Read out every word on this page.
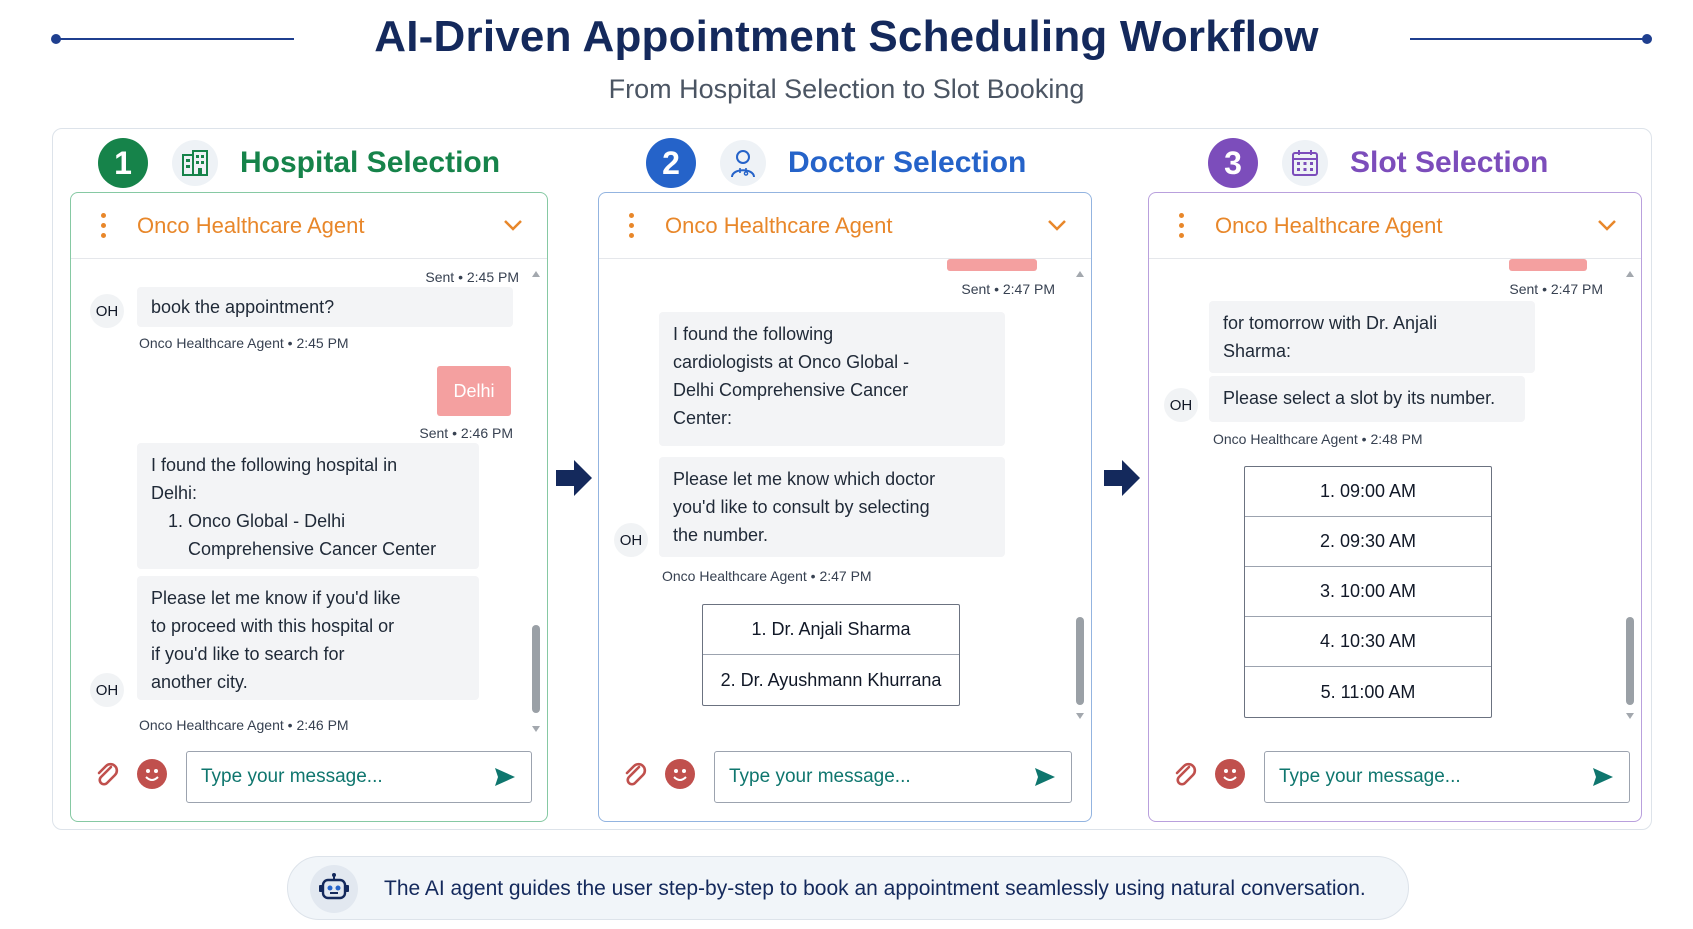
AI-Driven Appointment Scheduling Workflow
From Hospital Selection to Slot Booking
1	Hospital Selection	2	Doctor Selection	3	Slot Selection
Onco Healthcare Agent
Sent • 2:45 PM
OH	book the appointment?
Onco Healthcare Agent • 2:45 PM
Delhi
Sent • 2:46 PM
I found the following hospital in
Delhi:
1. Onco Global - Delhi
Comprehensive Cancer Center
Please let me know if you'd like
to proceed with this hospital or
if you'd like to search for
another city.
OH
Onco Healthcare Agent • 2:46 PM
Type your message...
Onco Healthcare Agent
Sent • 2:47 PM
I found the following
cardiologists at Onco Global -
Delhi Comprehensive Cancer
Center:
Please let me know which doctor
you'd like to consult by selecting
the number.
OH
Onco Healthcare Agent • 2:47 PM
1. Dr. Anjali Sharma
2. Dr. Ayushmann Khurrana
Type your message...
Onco Healthcare Agent
Sent • 2:47 PM
for tomorrow with Dr. Anjali
Sharma:
Please select a slot by its number.
OH
Onco Healthcare Agent • 2:48 PM
1. 09:00 AM
2. 09:30 AM
3. 10:00 AM
4. 10:30 AM
5. 11:00 AM
Type your message...
The AI agent guides the user step-by-step to book an appointment seamlessly using natural conversation.
